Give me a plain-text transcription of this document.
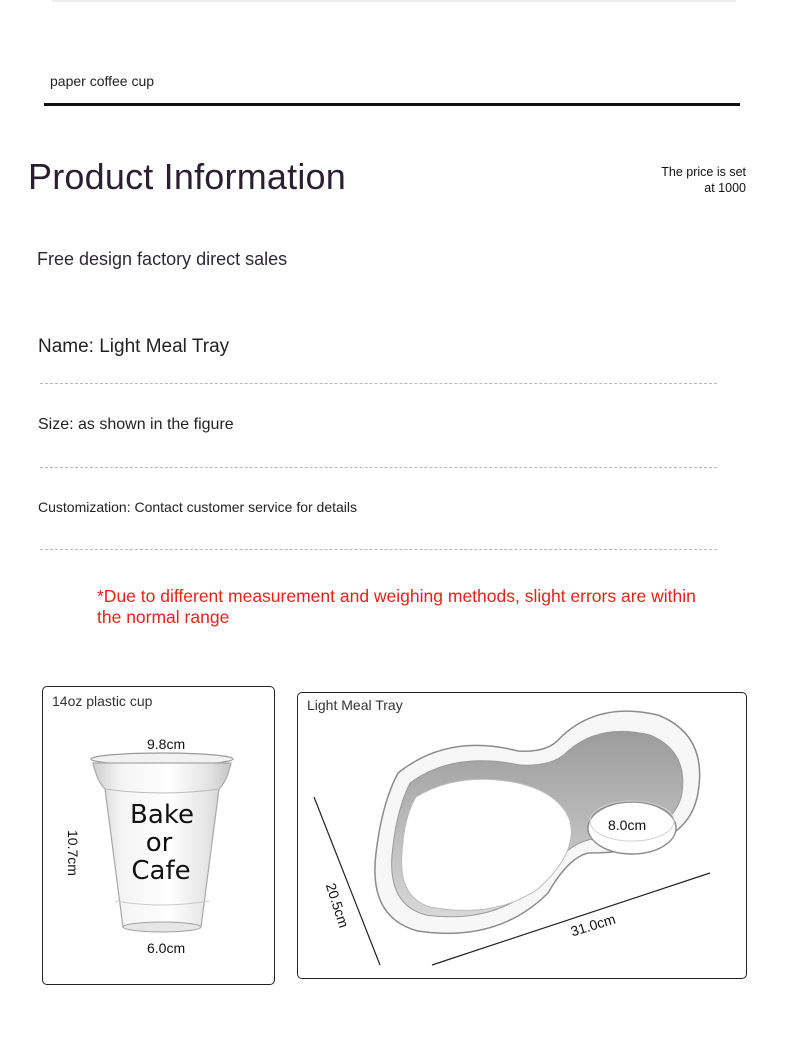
paper coffee cup
Product Information	The price is set
at 1000
Free design factory direct sales
Name: Light Meal Tray
Size: as shown in the figure
Customization: Contact customer service for details
*Due to different measurement and weighing methods, slight errors are within the normal range
14oz plastic cup
Bake
or
Cafe
9.8cm
10.7cm
6.0cm
Light Meal Tray
8.0cm
31.0cm
20.5cm
